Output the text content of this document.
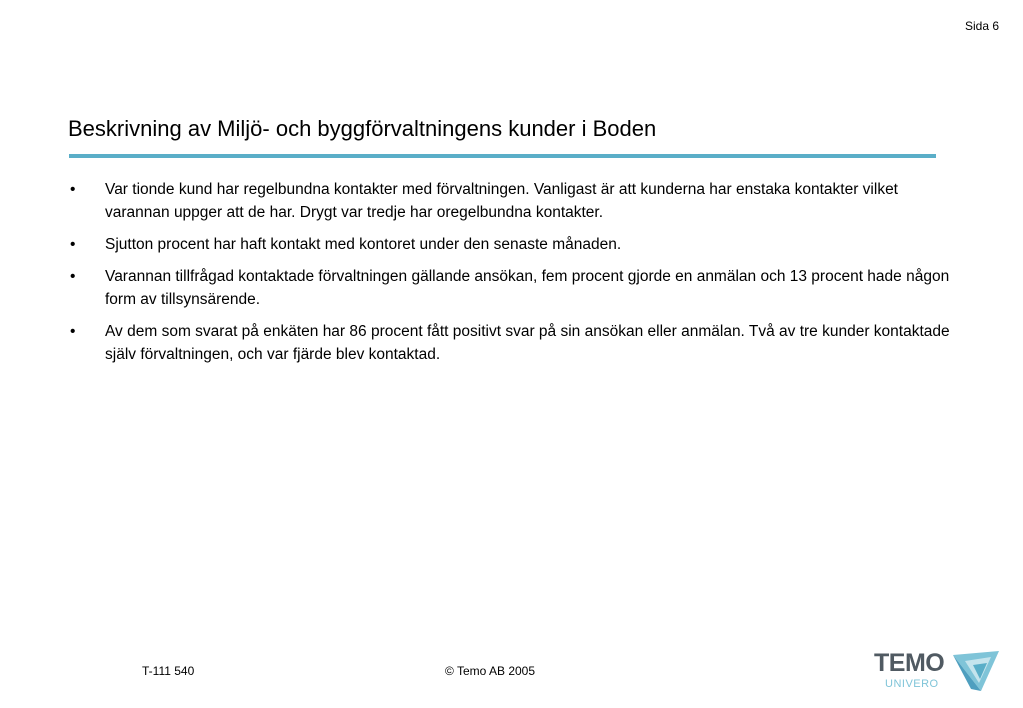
Sida 6
Beskrivning av Miljö- och byggförvaltningens kunder i Boden
• Var tionde kund har regelbundna kontakter med förvaltningen. Vanligast är att kunderna har enstaka kontakter vilket varannan uppger att de har. Drygt var tredje har oregelbundna kontakter.
• Sjutton procent har haft kontakt med kontoret under den senaste månaden.
• Varannan tillfrågad kontaktade förvaltningen gällande ansökan, fem procent gjorde en anmälan och 13 procent hade någon form av tillsynsärende.
• Av dem som svarat på enkäten har 86 procent fått positivt svar på sin ansökan eller anmälan. Två av tre kunder kontaktade själv förvaltningen, och var fjärde blev kontaktad.
T-111 540	© Temo AB 2005	TEMO
UNIVERO
